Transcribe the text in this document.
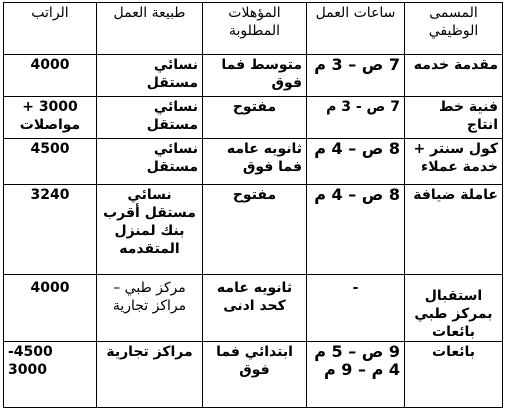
المسمى الوظيفي	ساعات العمل	المؤهلات المطلوبة	طبيعة العمل	الراتب
مقدمة خدمه	7 ص – 3 م	متوسط فما فوق	نسائي مستقل	4000
فنية خط انتاج	7 ص - 3 م	مفتوح	نسائي مستقل	3000 + مواصلات
كول سنتر + خدمة عملاء	8 ص – 4 م	ثانويه عامه فما فوق	نسائي مستقل	4500
عاملة ضيافة	8 ص – 4 م	مفتوح	نسائي مستقل أقرب بنك لمنزل المتقدمه	3240
استقبال بمركز طبي بائعات	-	ثانويه عامه كحد ادنى	مركز طبي – مراكز تجارية	4000
بائعات	9 ص – 5 م 4 م – 9 م	ابتدائي فما فوق	مراكز تجارية	-4500 3000
